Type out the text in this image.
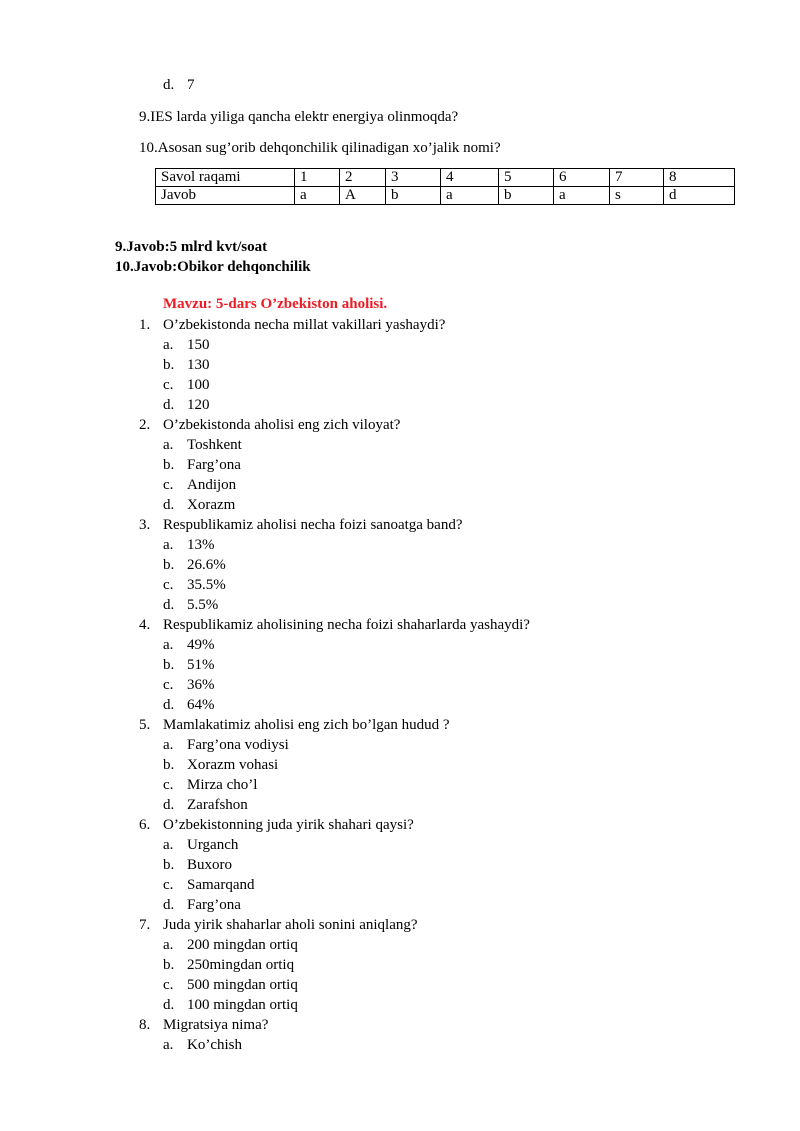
d. 7
9.IES larda yiliga qancha elektr energiya olinmoqda?
10.Asosan sug’orib dehqonchilik qilinadigan xo’jalik nomi?
Savol raqami	1	2	3	4	5	6	7	8
Javob	a	A	b	a	b	a	s	d
9.Javob:5 mlrd kvt/soat
10.Javob:Obikor dehqonchilik
Mavzu: 5-dars O’zbekiston aholisi.
1. O’zbekistonda necha millat vakillari yashaydi?
a. 150
b. 130
c. 100
d. 120
2. O’zbekistonda aholisi eng zich viloyat?
a. Toshkent
b. Farg’ona
c. Andijon
d. Xorazm
3. Respublikamiz aholisi necha foizi sanoatga band?
a. 13%
b. 26.6%
c. 35.5%
d. 5.5%
4. Respublikamiz aholisining necha foizi shaharlarda yashaydi?
a. 49%
b. 51%
c. 36%
d. 64%
5. Mamlakatimiz aholisi eng zich bo’lgan hudud ?
a. Farg’ona vodiysi
b. Xorazm vohasi
c. Mirza cho’l
d. Zarafshon
6. O’zbekistonning juda yirik shahari qaysi?
a. Urganch
b. Buxoro
c. Samarqand
d. Farg’ona
7. Juda yirik shaharlar aholi sonini aniqlang?
a. 200 mingdan ortiq
b. 250mingdan ortiq
c. 500 mingdan ortiq
d. 100 mingdan ortiq
8. Migratsiya nima?
a. Ko’chish
